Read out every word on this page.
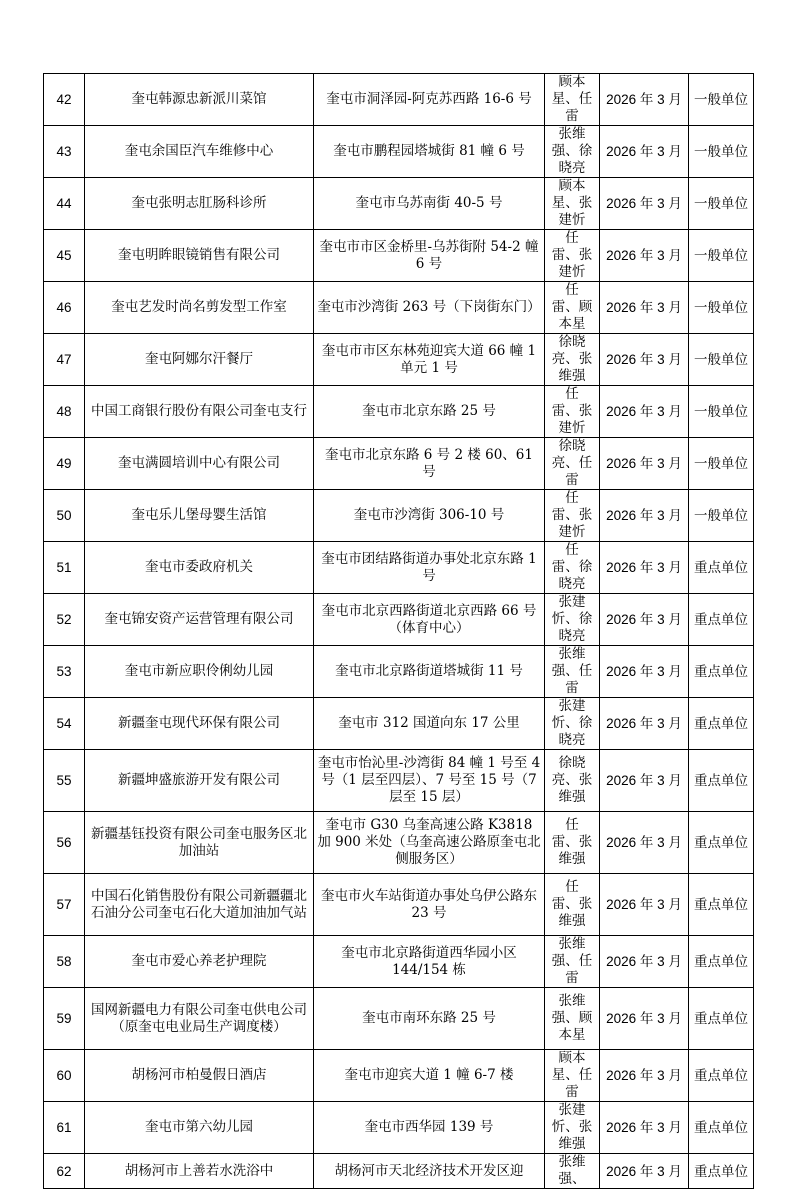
42	奎屯韩源忠新派川菜馆	奎屯市洞泽园-阿克苏西路 16-6 号	顾本星、任　雷	2026 年 3 月	一般单位
43	奎屯余国臣汽车维修中心	奎屯市鹏程园塔城街 81 幢 6 号	张维强、徐晓亮	2026 年 3 月	一般单位
44	奎屯张明志肛肠科诊所	奎屯市乌苏南街 40-5 号	顾本星、张建忻	2026 年 3 月	一般单位
45	奎屯明眸眼镜销售有限公司	奎屯市市区金桥里-乌苏街附 54-2 幢 6 号	任　雷、张建忻	2026 年 3 月	一般单位
46	奎屯艺发时尚名剪发型工作室	奎屯市沙湾街 263 号（下岗街东门）	任　雷、顾本星	2026 年 3 月	一般单位
47	奎屯阿娜尔汗餐厅	奎屯市市区东林苑迎宾大道 66 幢 1 单元 1 号	徐晓亮、张维强	2026 年 3 月	一般单位
48	中国工商银行股份有限公司奎屯支行	奎屯市北京东路 25 号	任　雷、张建忻	2026 年 3 月	一般单位
49	奎屯满圆培训中心有限公司	奎屯市北京东路 6 号 2 楼 60、61 号	徐晓亮、任　雷	2026 年 3 月	一般单位
50	奎屯乐儿堡母婴生活馆	奎屯市沙湾街 306-10 号	任　雷、张建忻	2026 年 3 月	一般单位
51	奎屯市委政府机关	奎屯市团结路街道办事处北京东路 1 号	任　雷、徐晓亮	2026 年 3 月	重点单位
52	奎屯锦安资产运营管理有限公司	奎屯市北京西路街道北京西路 66 号（体育中心）	张建忻、徐晓亮	2026 年 3 月	重点单位
53	奎屯市新应职伶俐幼儿园	奎屯市北京路街道塔城街 11 号	张维强、任　雷	2026 年 3 月	重点单位
54	新疆奎屯现代环保有限公司	奎屯市 312 国道向东 17 公里	张建忻、徐晓亮	2026 年 3 月	重点单位
55	新疆坤盛旅游开发有限公司	奎屯市怡沁里-沙湾街 84 幢 1 号至 4 号（1 层至四层）、7 号至 15 号（7 层至 15 层）	徐晓亮、张维强	2026 年 3 月	重点单位
56	新疆基钰投资有限公司奎屯服务区北加油站	奎屯市 G30 乌奎高速公路 K3818 加 900 米处（乌奎高速公路原奎屯北侧服务区）	任　雷、张维强	2026 年 3 月	重点单位
57	中国石化销售股份有限公司新疆疆北石油分公司奎屯石化大道加油加气站	奎屯市火车站街道办事处乌伊公路东 23 号	任　雷、张维强	2026 年 3 月	重点单位
58	奎屯市爱心养老护理院	奎屯市北京路街道西华园小区 144/154 栋	张维强、任　雷	2026 年 3 月	重点单位
59	国网新疆电力有限公司奎屯供电公司（原奎屯电业局生产调度楼）	奎屯市南环东路 25 号	张维强、顾本星	2026 年 3 月	重点单位
60	胡杨河市柏曼假日酒店	奎屯市迎宾大道 1 幢 6-7 楼	顾本星、任　雷	2026 年 3 月	重点单位
61	奎屯市第六幼儿园	奎屯市西华园 139 号	张建忻、张维强	2026 年 3 月	重点单位
62	胡杨河市上善若水洗浴中	胡杨河市天北经济技术开发区迎	张维强、	2026 年 3 月	重点单位
